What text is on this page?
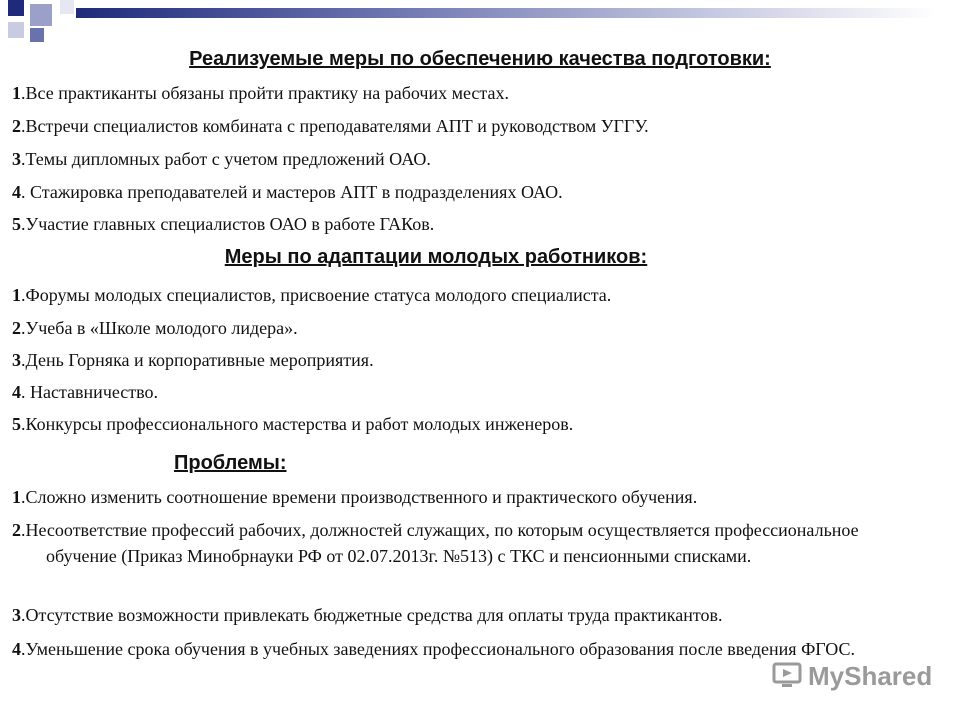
Реализуемые меры по обеспечению качества подготовки:

1.Все практиканты обязаны пройти практику на рабочих местах.

2.Встречи специалистов комбината с преподавателями АПТ и руководством УГГУ.

3.Темы дипломных работ с учетом предложений ОАО.

4. Стажировка преподавателей и мастеров АПТ в подразделениях ОАО.

5.Участие главных специалистов ОАО в работе ГАКов.

Меры по адаптации молодых работников:

1.Форумы молодых специалистов, присвоение статуса молодого специалиста.

2.Учеба в «Школе молодого лидера».

3.День Горняка и корпоративные мероприятия.

4. Наставничество.

5.Конкурсы профессионального мастерства и работ молодых инженеров.

Проблемы:

1.Сложно изменить соотношение времени производственного и практического обучения.

2.Несоответствие профессий рабочих, должностей служащих, по которым осуществляется профессиональное обучение (Приказ Минобрнауки РФ от 02.07.2013г. №513) с ТКС и пенсионными списками.

3.Отсутствие возможности привлекать бюджетные средства для оплаты труда практикантов.

4.Уменьшение срока обучения в учебных заведениях профессионального образования после введения ФГОС.

MyShared
